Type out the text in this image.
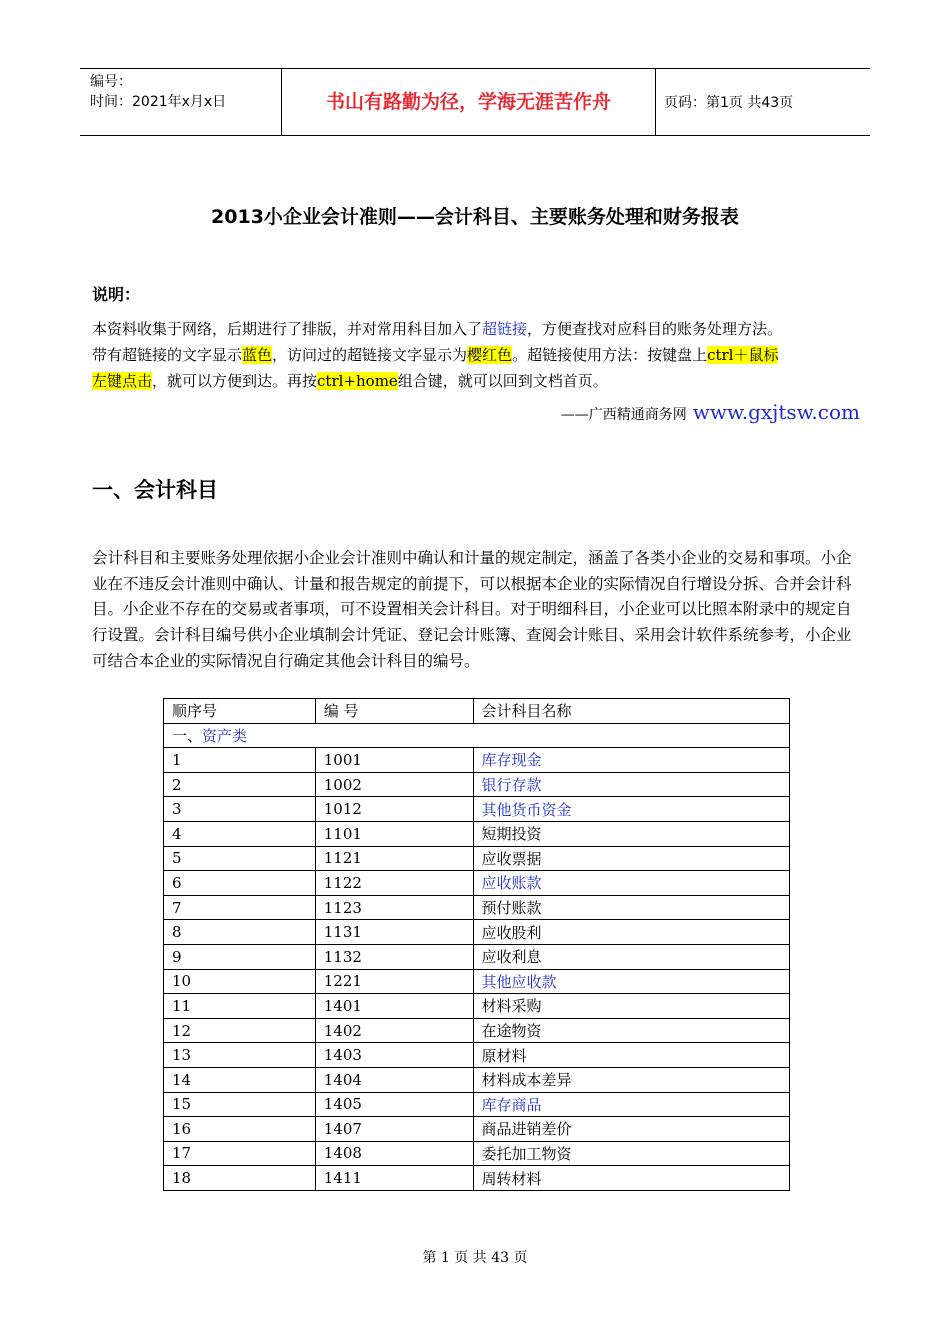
编号：
时间：2021年x月x日	书山有路勤为径，学海无涯苦作舟	页码：第1页 共43页
2013小企业会计准则——会计科目、主要账务处理和财务报表
说明：
本资料收集于网络，后期进行了排版，并对常用科目加入了超链接，方便查找对应科目的账务处理方法。
带有超链接的文字显示蓝色，访问过的超链接文字显示为樱红色。超链接使用方法：按键盘上ctrl＋鼠标
左键点击，就可以方便到达。再按ctrl+home组合键，就可以回到文档首页。
——广西精通商务网 www.gxjtsw.com
一、会计科目
会计科目和主要账务处理依据小企业会计准则中确认和计量的规定制定，涵盖了各类小企业的交易和事项。小企业在不违反会计准则中确认、计量和报告规定的前提下，可以根据本企业的实际情况自行增设分拆、合并会计科目。小企业不存在的交易或者事项，可不设置相关会计科目。对于明细科目，小企业可以比照本附录中的规定自行设置。会计科目编号供小企业填制会计凭证、登记会计账簿、查阅会计账目、采用会计软件系统参考，小企业可结合本企业的实际情况自行确定其他会计科目的编号。
顺序号	编 号	会计科目名称
一、资产类		
1	1001	库存现金
2	1002	银行存款
3	1012	其他货币资金
4	1101	短期投资
5	1121	应收票据
6	1122	应收账款
7	1123	预付账款
8	1131	应收股利
9	1132	应收利息
10	1221	其他应收款
11	1401	材料采购
12	1402	在途物资
13	1403	原材料
14	1404	材料成本差异
15	1405	库存商品
16	1407	商品进销差价
17	1408	委托加工物资
18	1411	周转材料
第 1 页 共 43 页
